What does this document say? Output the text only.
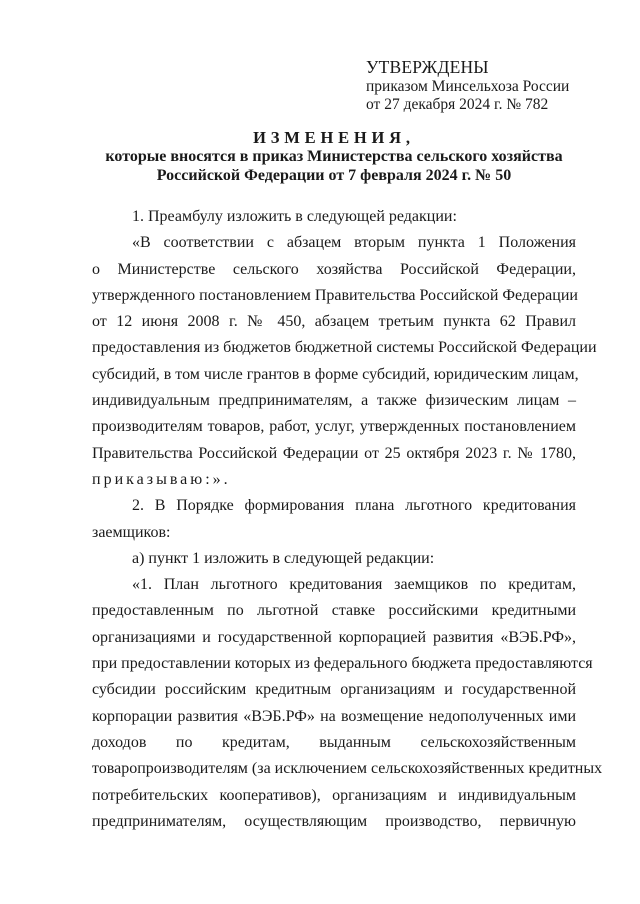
УТВЕРЖДЕНЫ
приказом Минсельхоза России
от 27 декабря 2024 г. № 782
ИЗМЕНЕНИЯ,
которые вносятся в приказ Министерства сельского хозяйства
Российской Федерации от 7 февраля 2024 г. № 50
1. Преамбулу изложить в следующей редакции:
«В соответствии с абзацем вторым пункта 1 Положения
о Министерстве сельского хозяйства Российской Федерации,
утвержденного постановлением Правительства Российской Федерации
от 12 июня 2008 г. № 450, абзацем третьим пункта 62 Правил
предоставления из бюджетов бюджетной системы Российской Федерации
субсидий, в том числе грантов в форме субсидий, юридическим лицам,
индивидуальным предпринимателям, а также физическим лицам –
производителям товаров, работ, услуг, утвержденных постановлением
Правительства Российской Федерации от 25 октября 2023 г. № 1780,
приказываю:».
2. В Порядке формирования плана льготного кредитования
заемщиков:
а) пункт 1 изложить в следующей редакции:
«1. План льготного кредитования заемщиков по кредитам,
предоставленным по льготной ставке российскими кредитными
организациями и государственной корпорацией развития «ВЭБ.РФ»,
при предоставлении которых из федерального бюджета предоставляются
субсидии российским кредитным организациям и государственной
корпорации развития «ВЭБ.РФ» на возмещение недополученных ими
доходов по кредитам, выданным сельскохозяйственным
товаропроизводителям (за исключением сельскохозяйственных кредитных
потребительских кооперативов), организациям и индивидуальным
предпринимателям, осуществляющим производство, первичную
